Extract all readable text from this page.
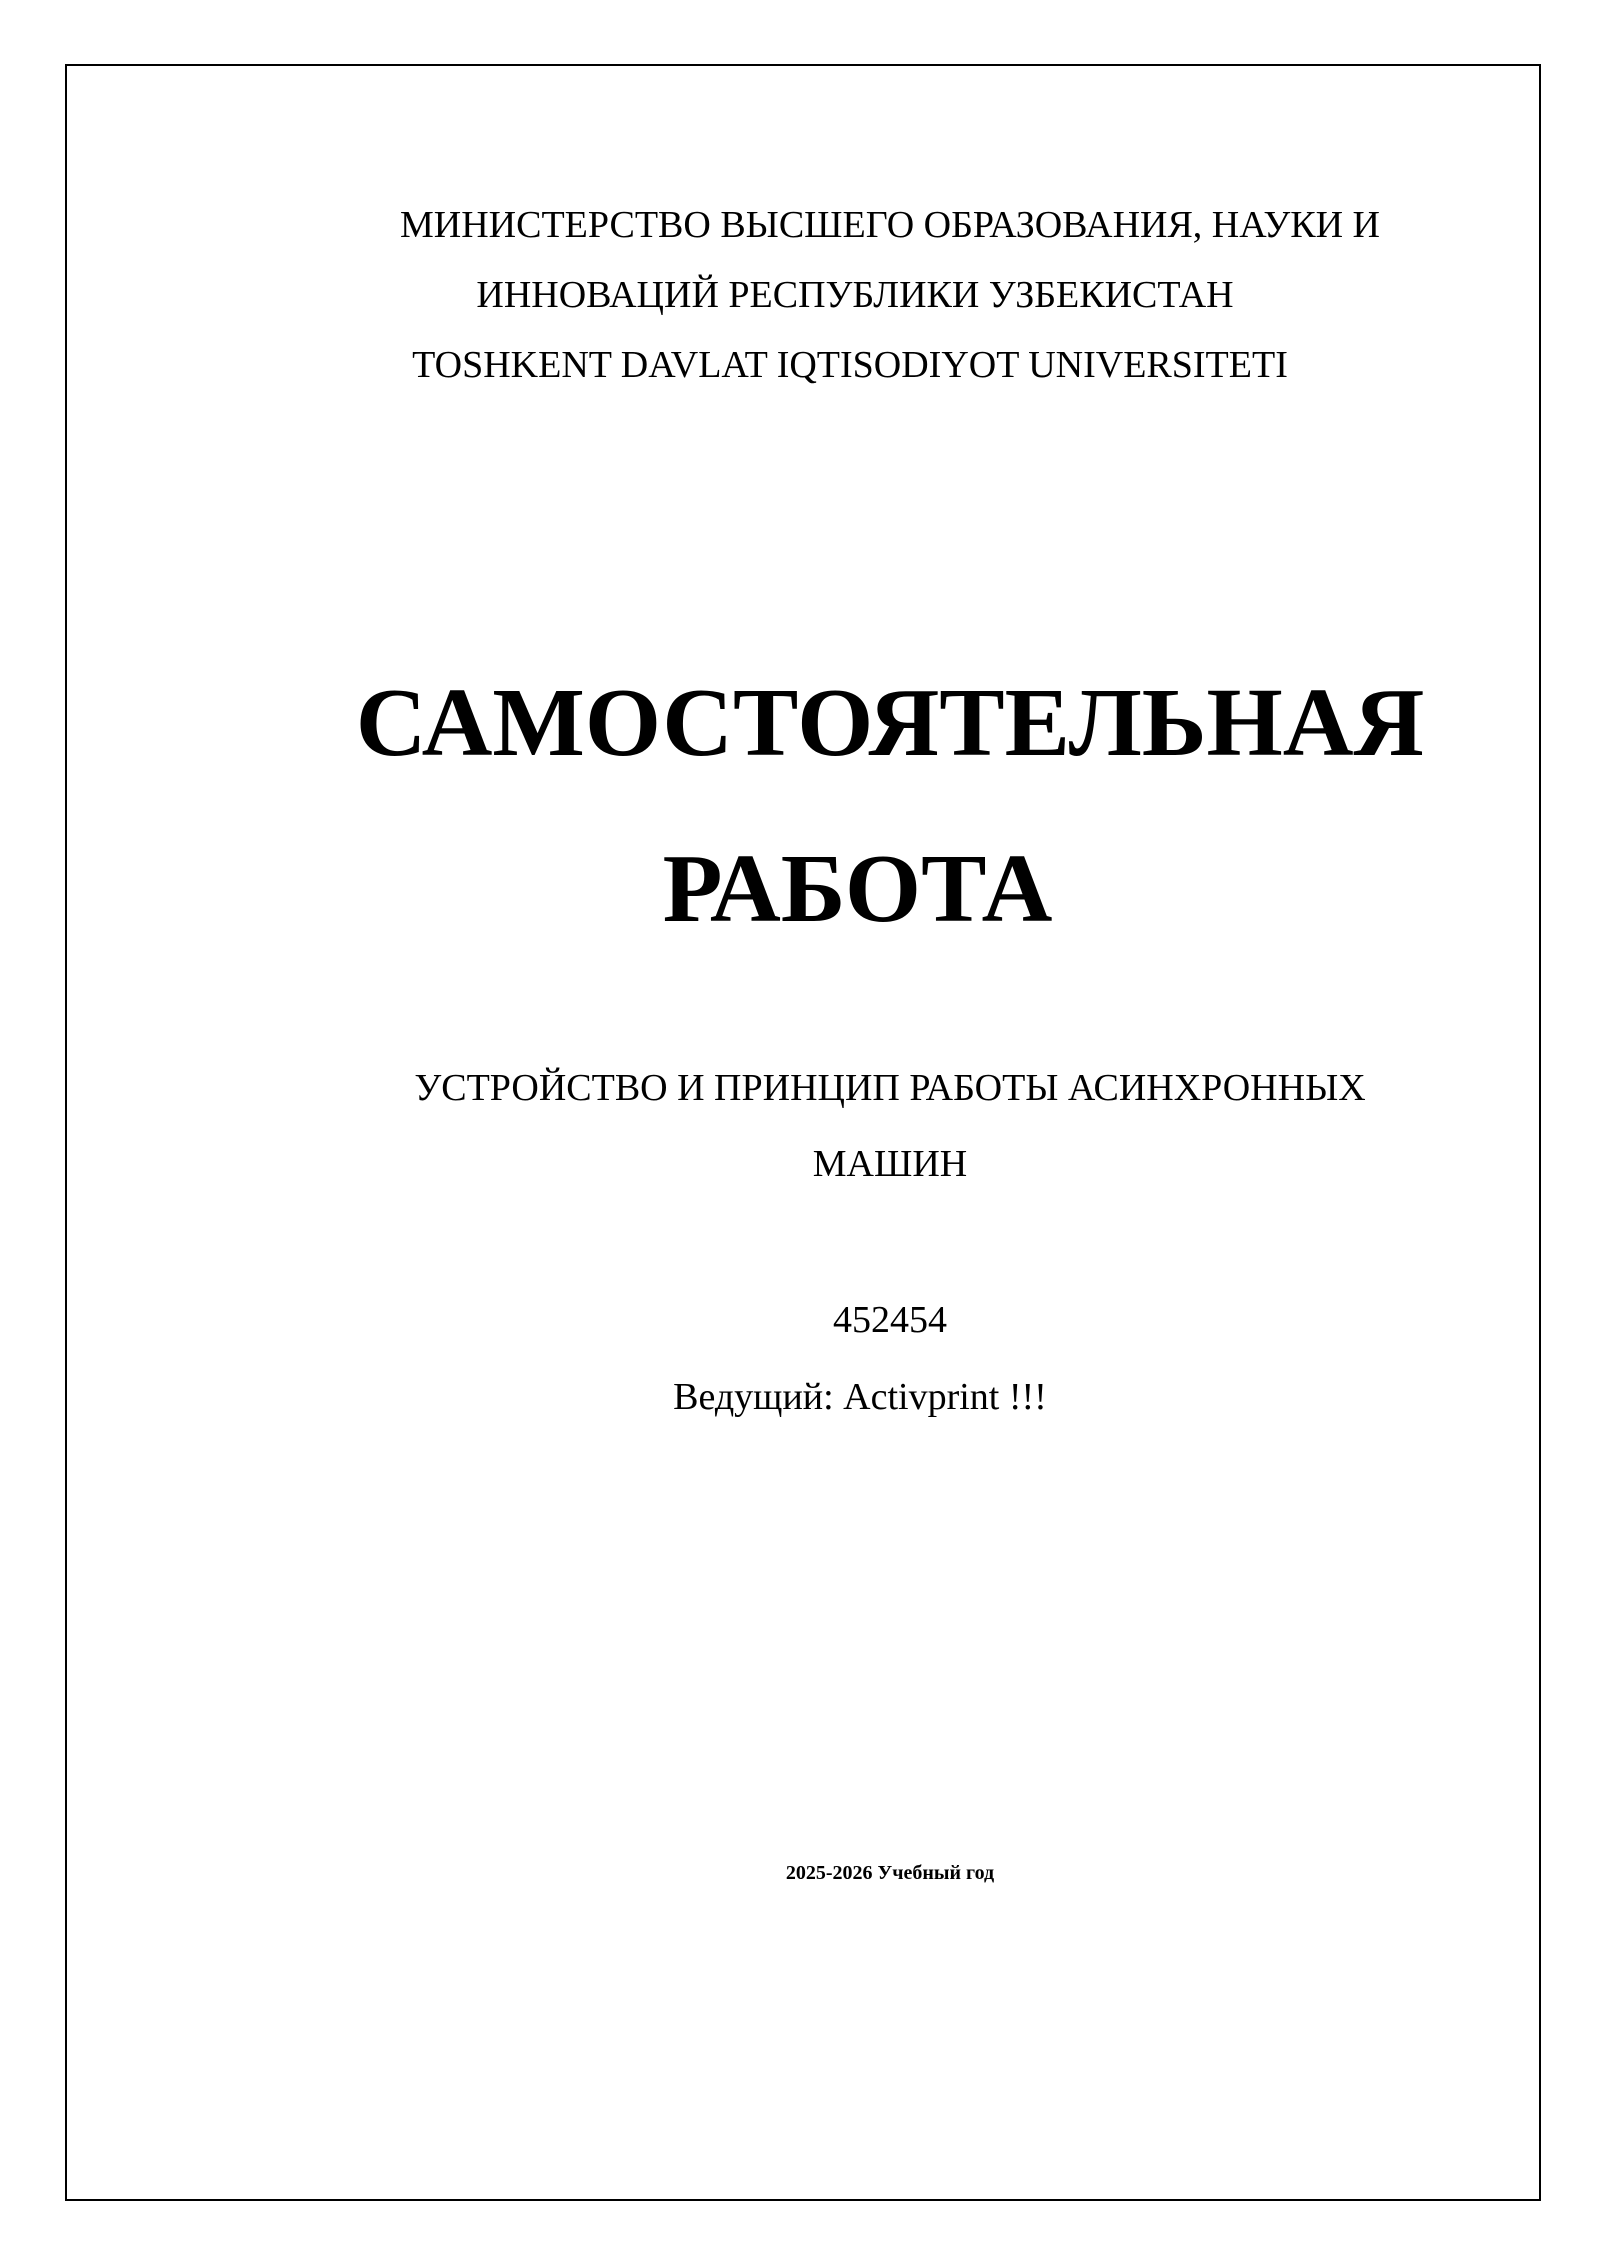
МИНИСТЕРСТВО ВЫСШЕГО ОБРАЗОВАНИЯ, НАУКИ И
ИННОВАЦИЙ РЕСПУБЛИКИ УЗБЕКИСТАН
TOSHKENT DAVLAT IQTISODIYOT UNIVERSITETI
САМОСТОЯТЕЛЬНАЯ
РАБОТА
УСТРОЙСТВО И ПРИНЦИП РАБОТЫ АСИНХРОННЫХ
МАШИН
452454
Ведущий: Activprint !!!
2025-2026 Учебный год
